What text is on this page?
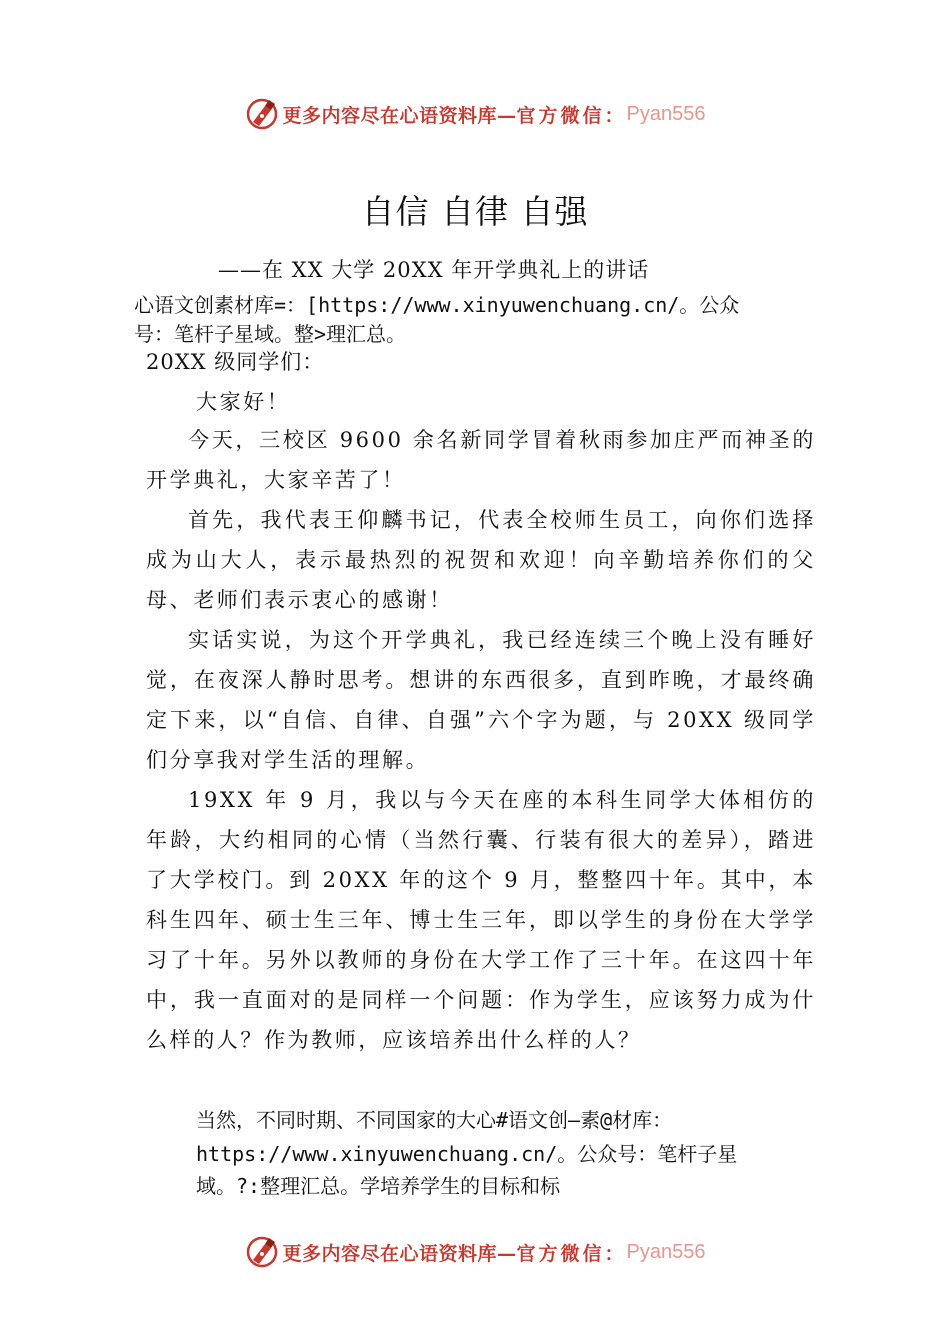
更多内容尽在心语资料库— 官方微信： Pyan556
自信 自律 自强
——在 XX 大学 20XX 年开学典礼上的讲话
心语文创素材库=：[https://www.xinyuwenchuang.cn/。公众
号：笔杆子星域。整>理汇总。
20XX 级同学们：
大家好！

今天，三校区 9600 余名新同学冒着秋雨参加庄严而神圣的开学典礼，大家辛苦了！

首先，我代表王仰麟书记，代表全校师生员工，向你们选择成为山大人，表示最热烈的祝贺和欢迎！向辛勤培养你们的父母、老师们表示衷心的感谢！

实话实说，为这个开学典礼，我已经连续三个晚上没有睡好觉，在夜深人静时思考。想讲的东西很多，直到昨晚，才最终确定下来，以“自信、自律、自强”六个字为题，与 20XX 级同学们分享我对学生活的理解。

19XX 年 9 月，我以与今天在座的本科生同学大体相仿的年龄，大约相同的心情（当然行囊、行装有很大的差异），踏进了大学校门。到 20XX 年的这个 9 月，整整四十年。其中，本科生四年、硕士生三年、博士生三年，即以学生的身份在大学学习了十年。另外以教师的身份在大学工作了三十年。在这四十年中，我一直面对的是同样一个问题：作为学生，应该努力成为什么样的人？作为教师，应该培养出什么样的人？

当然，不同时期、不同国家的大心#语文创—素@材库：
https://www.xinyuwenchuang.cn/。公众号：笔杆子星
域。?:整理汇总。学培养学生的目标和标
更多内容尽在心语资料库— 官方微信： Pyan556
